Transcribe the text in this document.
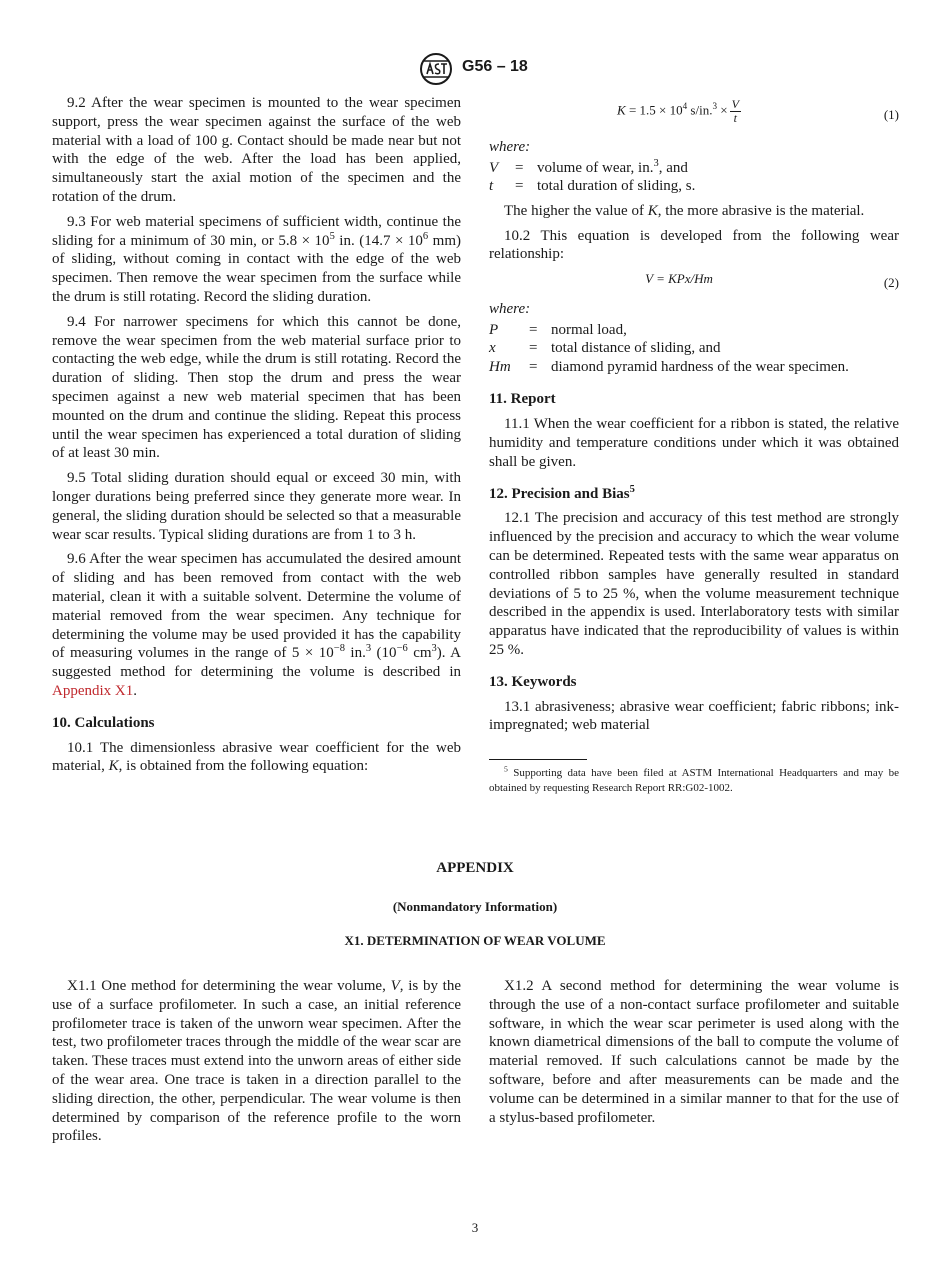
G56 – 18

9.2 After the wear specimen is mounted to the wear specimen support, press the wear specimen against the surface of the web material with a load of 100 g. Contact should be made near but not with the edge of the web. After the load has been applied, simultaneously start the axial motion of the specimen and the rotation of the drum.

9.3 For web material specimens of sufficient width, continue the sliding for a minimum of 30 min, or $5.8 \times 10^5$ in. ($14.7 \times 10^6$ mm) of sliding, without coming in contact with the edge of the web specimen. Then remove the wear specimen from the surface while the drum is still rotating. Record the sliding duration.

9.4 For narrower specimens for which this cannot be done, remove the wear specimen from the web material surface prior to contacting the web edge, while the drum is still rotating. Record the duration of sliding. Then stop the drum and press the wear specimen against a new web material specimen that has been mounted on the drum and continue the sliding. Repeat this process until the wear specimen has experienced a total duration of sliding of at least 30 min.

9.5 Total sliding duration should equal or exceed 30 min, with longer durations being preferred since they generate more wear. In general, the sliding duration should be selected so that a measurable wear scar results. Typical sliding durations are from 1 to 3 h.

9.6 After the wear specimen has accumulated the desired amount of sliding and has been removed from contact with the web material, clean it with a suitable solvent. Determine the volume of material removed from the wear specimen. Any technique for determining the volume may be used provided it has the capability of measuring volumes in the range of $5 \times 10^{-8}$ in.$^3$ ($10^{-6}$ $cm^3$). A suggested method for determining the volume is described in Appendix X1.

10. Calculations

10.1 The dimensionless abrasive wear coefficient for the web material, K, is obtained from the following equation:

$K = 1.5 \times 10^4$ $s/in.^3 \times \frac{V}{t}$	(1)
where:
V	= volume of wear, in.$^3$, and
t	= total duration of sliding, s.

The higher the value of K, the more abrasive is the material.

10.2 This equation is developed from the following wear relationship:

V = KPx/Hm	(2)
where:
P	= normal load,
x	= total distance of sliding, and
Hm	= diamond pyramid hardness of the wear specimen.
11. Report

11.1 When the wear coefficient for a ribbon is stated, the relative humidity and temperature conditions under which it was obtained shall be given.

12. Precision and Bias$^5$

12.1 The precision and accuracy of this test method are strongly influenced by the precision and accuracy to which the wear volume can be determined. Repeated tests with the same wear apparatus on controlled ribbon samples have generally resulted in standard deviations of 5 to 25 %, when the volume measurement technique described in the appendix is used. Interlaboratory tests with similar apparatus have indicated that the reproducibility of values is within 25 %.

13. Keywords

13.1 abrasiveness; abrasive wear coefficient; fabric ribbons; ink-impregnated; web material

$^5$ Supporting data have been filed at ASTM International Headquarters and may be obtained by requesting Research Report RR:G02-1002.
APPENDIX
(Nonmandatory Information)
X1. DETERMINATION OF WEAR VOLUME

X1.1 One method for determining the wear volume, V, is by the use of a surface profilometer. In such a case, an initial reference profilometer trace is taken of the unworn wear specimen. After the test, two profilometer traces through the middle of the wear scar are taken. These traces must extend into the unworn areas of either side of the wear area. One trace is taken in a direction parallel to the sliding direction, the other, perpendicular. The wear volume is then determined by comparison of the reference profile to the worn profiles.

X1.2 A second method for determining the wear volume is through the use of a non-contact surface profilometer and suitable software, in which the wear scar perimeter is used along with the known diametrical dimensions of the ball to compute the volume of material removed. If such calculations cannot be made by the software, before and after measurements can be made and the volume can be determined in a similar manner to that for the use of a stylus-based profilometer.

3
